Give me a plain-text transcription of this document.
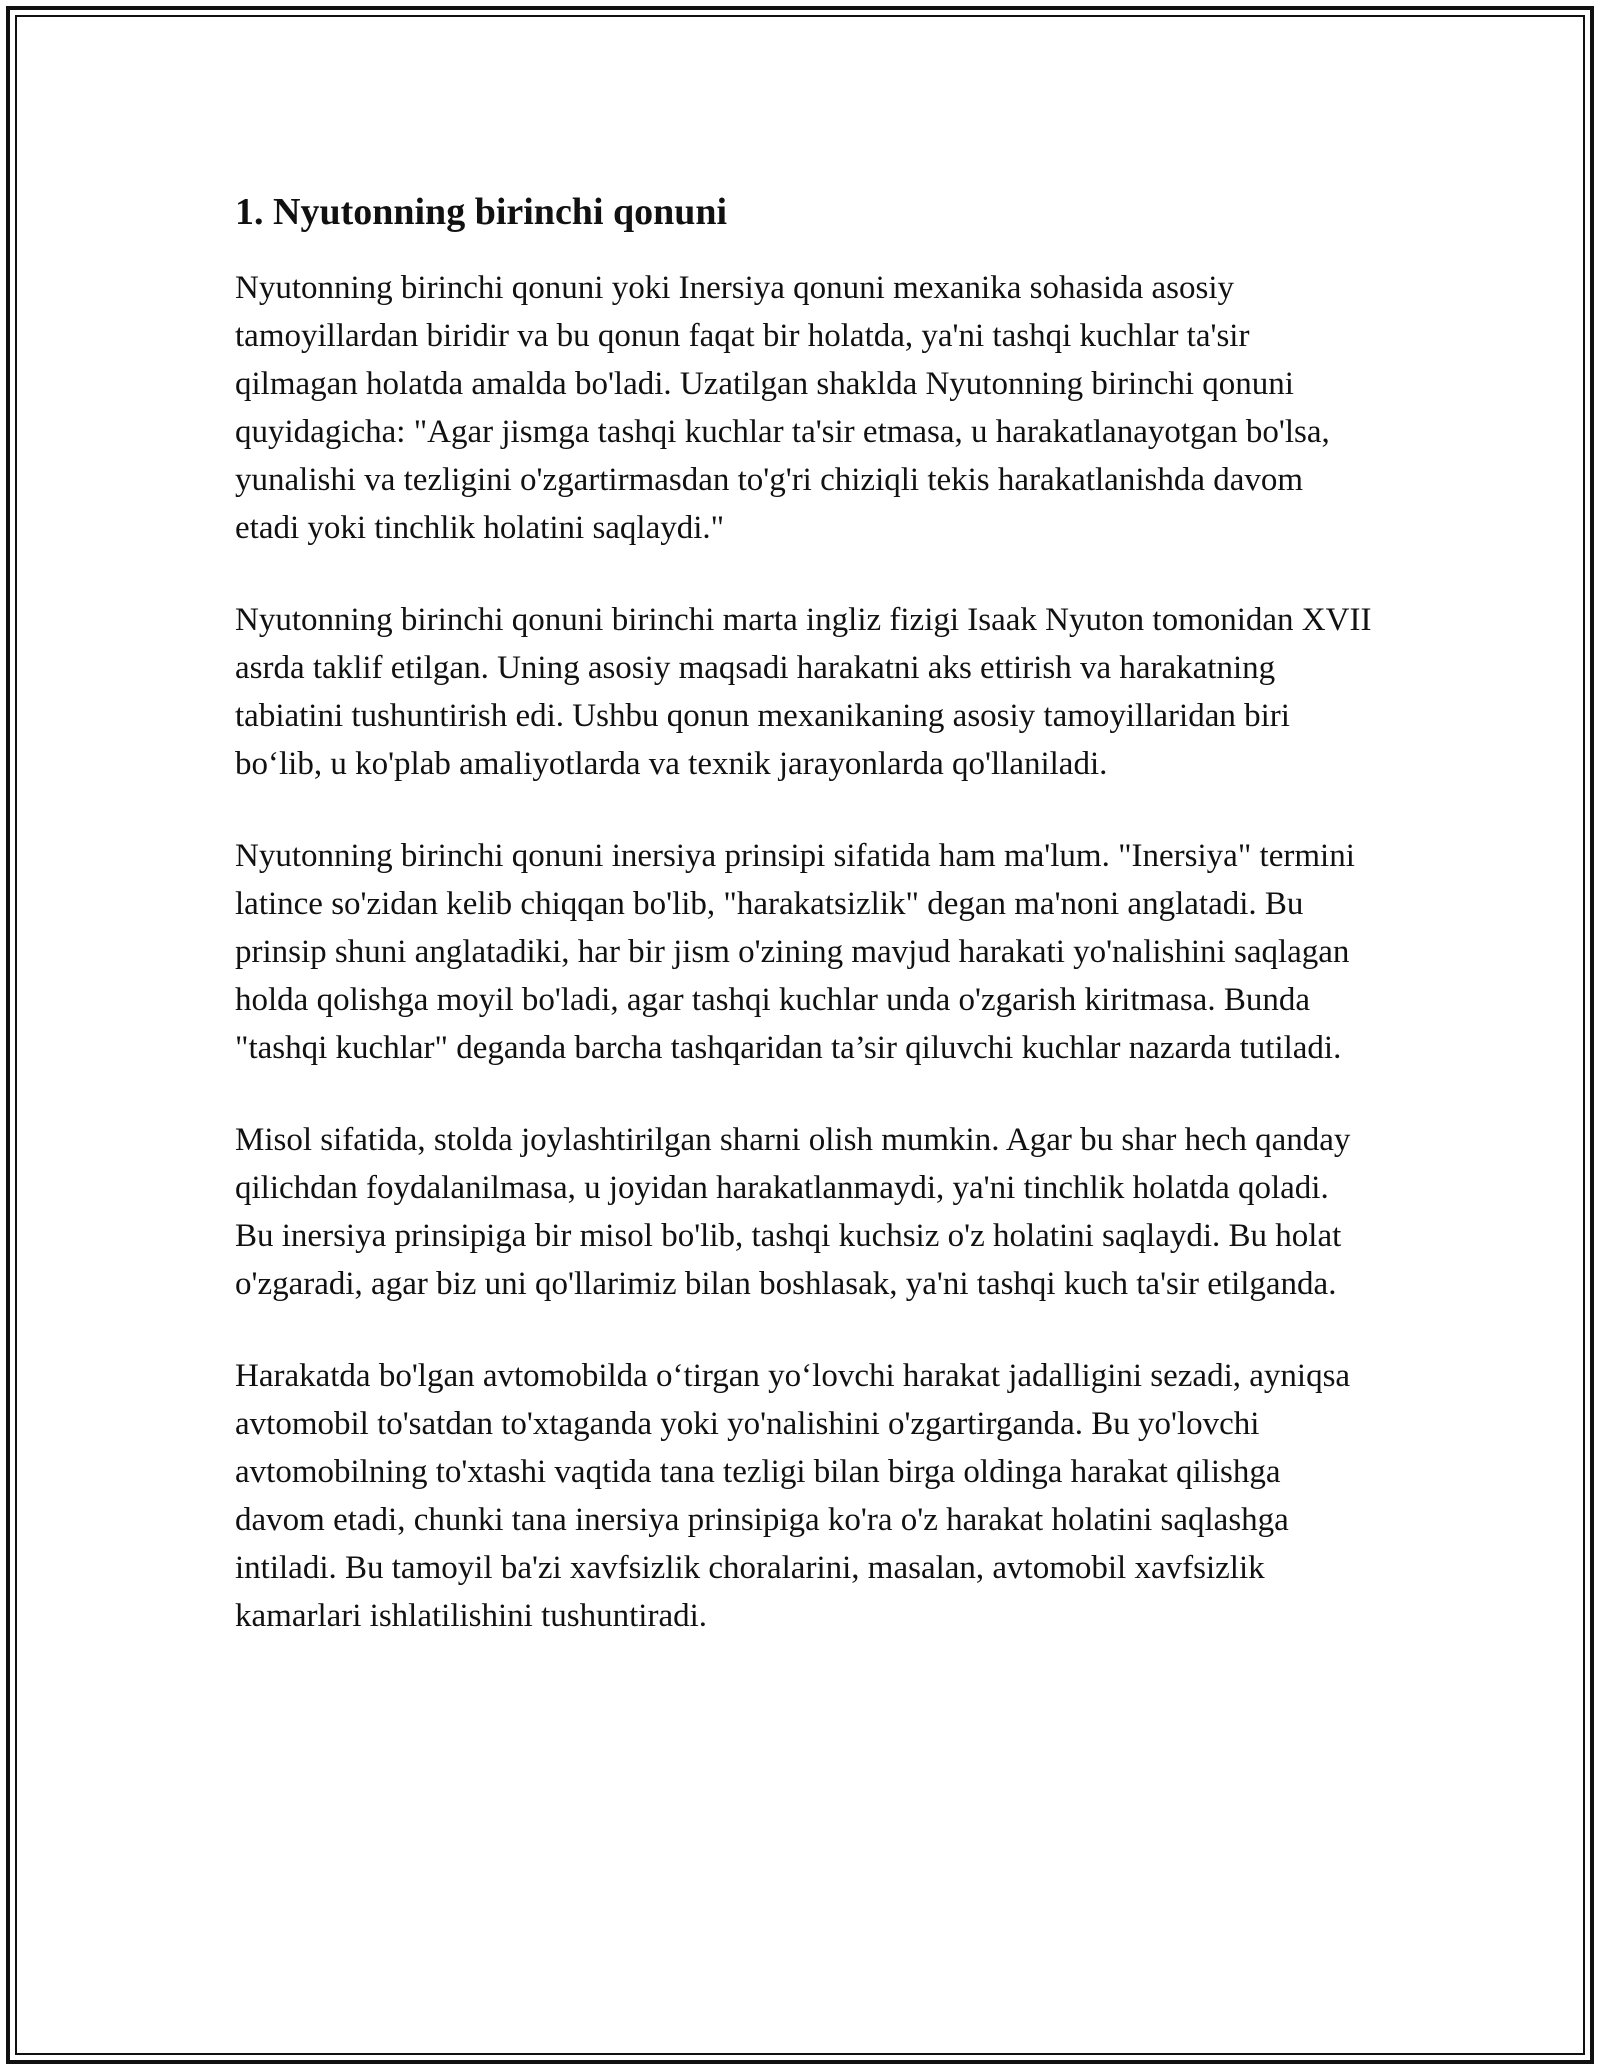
1. Nyutonning birinchi qonuni

Nyutonning birinchi qonuni yoki Inersiya qonuni mexanika sohasida asosiy tamoyillardan biridir va bu qonun faqat bir holatda, ya'ni tashqi kuchlar ta'sir qilmagan holatda amalda bo'ladi. Uzatilgan shakldа Nyutonning birinchi qonuni quyidagicha: "Agar jismga tashqi kuchlar ta'sir etmasa, u harakatlanayotgan bo'lsa, yunalishi va tezligini o'zgartirmasdan to'g'ri chiziqli tekis harakatlanishda davom etadi yoki tinchlik holatini saqlaydi."

Nyutonning birinchi qonuni birinchi marta ingliz fizigi Isaak Nyuton tomonidan XVII asrda taklif etilgan. Uning asosiy maqsadi harakatni aks ettirish va harakatning tabiatini tushuntirish edi. Ushbu qonun mexanikaning asosiy tamoyillaridan biri bo‘lib, u ko'plab amaliyotlarda va texnik jarayonlarda qo'llaniladi.

Nyutonning birinchi qonuni inersiya prinsipi sifatida ham ma'lum. "Inersiya" termini latince so'zidan kelib chiqqan bo'lib, "harakatsizlik" degan ma'noni anglatadi. Bu prinsip shuni anglatadiki, har bir jism o'zining mavjud harakati yo'nalishini saqlagan holda qolishga moyil bo'ladi, agar tashqi kuchlar unda o'zgarish kiritmasa. Bunda "tashqi kuchlar" deganda barcha tashqaridan ta’sir qiluvchi kuchlar nazarda tutiladi.

Misol sifatida, stolda joylashtirilgan sharni olish mumkin. Agar bu shar hech qanday qilichdan foydalanilmasa, u joyidan harakatlanmaydi, ya'ni tinchlik holatda qoladi. Bu inersiya prinsipiga bir misol bo'lib, tashqi kuchsiz o'z holatini saqlaydi. Bu holat o'zgaradi, agar biz uni qo'llarimiz bilan boshlasak, ya'ni tashqi kuch ta'sir etilganda.

Harakatda bo'lgan avtomobilda o‘tirgan yo‘lovchi harakat jadalligini sezadi, ayniqsa avtomobil to'satdan to'xtaganda yoki yo'nalishini o'zgartirganda. Bu yo'lovchi avtomobilning to'xtashi vaqtida tana tezligi bilan birga oldinga harakat qilishga davom etadi, chunki tana inersiya prinsipiga ko'ra o'z harakat holatini saqlashga intiladi. Bu tamoyil ba'zi xavfsizlik choralarini, masalan, avtomobil xavfsizlik kamarlari ishlatilishini tushuntiradi.
